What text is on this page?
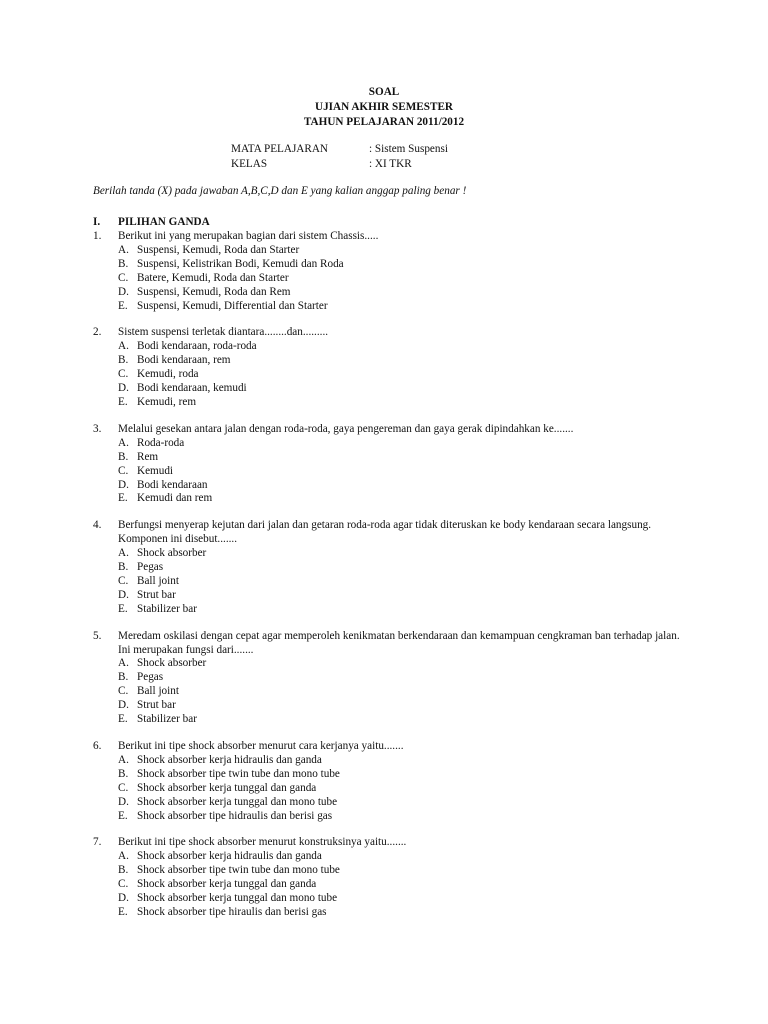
SOAL
UJIAN AKHIR SEMESTER
TAHUN PELAJARAN 2011/2012
MATA PELAJARAN	: Sistem Suspensi
KELAS	: XI TKR
Berilah tanda (X) pada jawaban A,B,C,D dan E yang kalian anggap paling benar !
I.	PILIHAN GANDA
1.	Berikut ini yang merupakan bagian dari sistem Chassis.....
A. Suspensi, Kemudi, Roda dan Starter
B. Suspensi, Kelistrikan Bodi, Kemudi dan Roda
C. Batere, Kemudi, Roda dan Starter
D. Suspensi, Kemudi, Roda dan Rem
E. Suspensi, Kemudi, Differential dan Starter
2.	Sistem suspensi terletak diantara........dan.........
A. Bodi kendaraan, roda-roda
B. Bodi kendaraan, rem
C. Kemudi, roda
D. Bodi kendaraan, kemudi
E. Kemudi, rem
3.	Melalui gesekan antara jalan dengan roda-roda, gaya pengereman dan gaya gerak dipindahkan ke.......
A. Roda-roda
B. Rem
C. Kemudi
D. Bodi kendaraan
E. Kemudi dan rem
4.	Berfungsi menyerap kejutan dari jalan dan getaran roda-roda agar tidak diteruskan ke body kendaraan secara langsung. Komponen ini disebut.......
A. Shock absorber
B. Pegas
C. Ball joint
D. Strut bar
E. Stabilizer bar
5.	Meredam oskilasi dengan cepat agar memperoleh kenikmatan berkendaraan dan kemampuan cengkraman ban terhadap jalan. Ini merupakan fungsi dari.......
A. Shock absorber
B. Pegas
C. Ball joint
D. Strut bar
E. Stabilizer bar
6.	Berikut ini tipe shock absorber menurut cara kerjanya yaitu.......
A. Shock absorber kerja hidraulis dan ganda
B. Shock absorber tipe twin tube dan mono tube
C. Shock absorber kerja tunggal dan ganda
D. Shock absorber kerja tunggal dan mono tube
E. Shock absorber tipe hidraulis dan berisi gas
7.	Berikut ini tipe shock absorber menurut konstruksinya yaitu.......
A. Shock absorber kerja hidraulis dan ganda
B. Shock absorber tipe twin tube dan mono tube
C. Shock absorber kerja tunggal dan ganda
D. Shock absorber kerja tunggal dan mono tube
E. Shock absorber tipe hiraulis dan berisi gas
